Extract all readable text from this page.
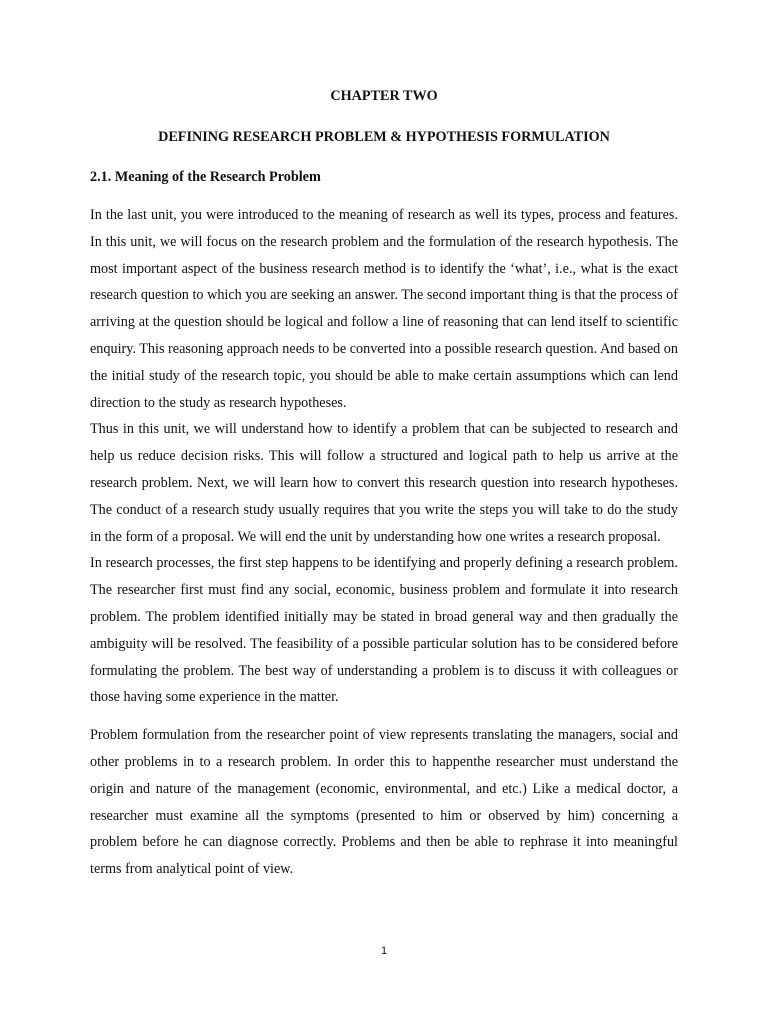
CHAPTER TWO
DEFINING RESEARCH PROBLEM & HYPOTHESIS FORMULATION
2.1. Meaning of the Research Problem

In the last unit, you were introduced to the meaning of research as well its types, process and features. In this unit, we will focus on the research problem and the formulation of the research hypothesis. The most important aspect of the business research method is to identify the ‘what’, i.e., what is the exact research question to which you are seeking an answer. The second important thing is that the process of arriving at the question should be logical and follow a line of reasoning that can lend itself to scientific enquiry. This reasoning approach needs to be converted into a possible research question. And based on the initial study of the research topic, you should be able to make certain assumptions which can lend direction to the study as research hypotheses.

Thus in this unit, we will understand how to identify a problem that can be subjected to research and help us reduce decision risks. This will follow a structured and logical path to help us arrive at the research problem. Next, we will learn how to convert this research question into research hypotheses. The conduct of a research study usually requires that you write the steps you will take to do the study in the form of a proposal. We will end the unit by understanding how one writes a research proposal.

In research processes, the first step happens to be identifying and properly defining a research problem. The researcher first must find any social, economic, business problem and formulate it into research problem. The problem identified initially may be stated in broad general way and then gradually the ambiguity will be resolved. The feasibility of a possible particular solution has to be considered before formulating the problem. The best way of understanding a problem is to discuss it with colleagues or those having some experience in the matter.

Problem formulation from the researcher point of view represents translating the managers, social and other problems in to a research problem. In order this to happenthe researcher must understand the origin and nature of the management (economic, environmental, and etc.) Like a medical doctor, a researcher must examine all the symptoms (presented to him or observed by him) concerning a problem before he can diagnose correctly. Problems and then be able to rephrase it into meaningful terms from analytical point of view.

1
